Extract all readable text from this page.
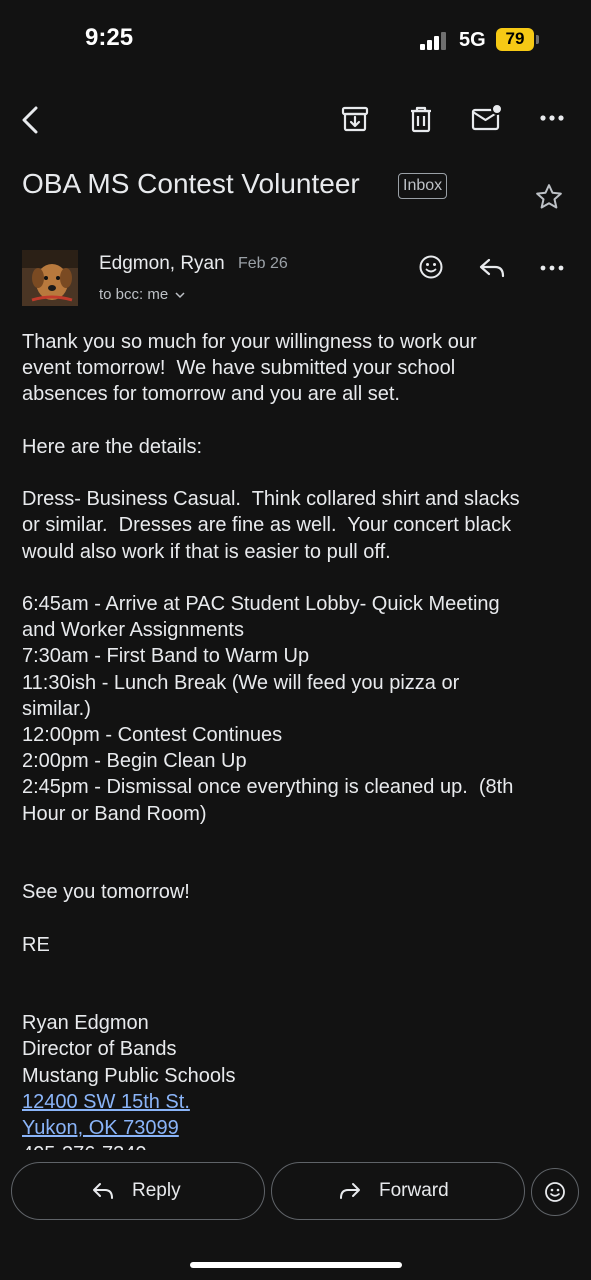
9:25	5G	79
OBA MS Contest Volunteer	Inbox
Edgmon, Ryan Feb 26
to bcc: me

Thank you so much for your willingness to work our
event tomorrow!  We have submitted your school
absences for tomorrow and you are all set.

Here are the details:

Dress- Business Casual.  Think collared shirt and slacks
or similar.  Dresses are fine as well.  Your concert black
would also work if that is easier to pull off.

6:45am - Arrive at PAC Student Lobby- Quick Meeting
and Worker Assignments

7:30am - First Band to Warm Up

11:30ish - Lunch Break (We will feed you pizza or
similar.)

12:00pm - Contest Continues

2:00pm - Begin Clean Up

2:45pm - Dismissal once everything is cleaned up.  (8th
Hour or Band Room)

See you tomorrow!

RE

Ryan Edgmon

Director of Bands

Mustang Public Schools

12400 SW 15th St.

Yukon, OK 73099

Reply	Forward
